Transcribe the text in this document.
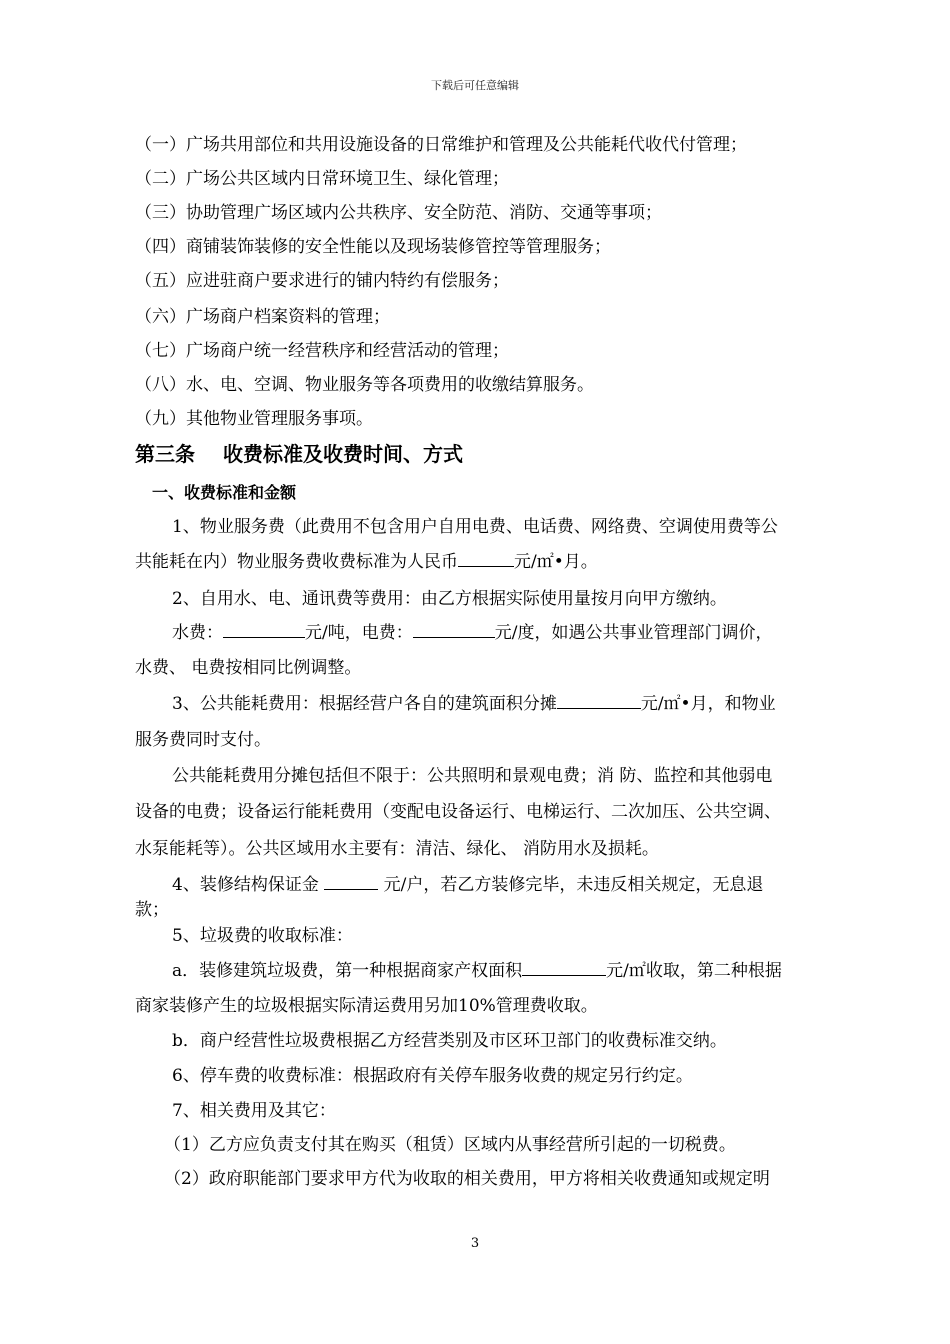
下载后可任意编辑
（一）广场共用部位和共用设施设备的日常维护和管理及公共能耗代收代付管理；
（二）广场公共区域内日常环境卫生、绿化管理；
（三）协助管理广场区域内公共秩序、安全防范、消防、交通等事项；
（四）商铺装饰装修的安全性能以及现场装修管控等管理服务；
（五）应进驻商户要求进行的铺内特约有偿服务；
（六）广场商户档案资料的管理；
（七）广场商户统一经营秩序和经营活动的管理；
（八）水、电、空调、物业服务等各项费用的收缴结算服务。
（九）其他物业管理服务事项。
第三条 收费标准及收费时间、方式
一、收费标准和金额
1、物业服务费（此费用不包含用户自用电费、电话费、网络费、空调使用费等公
共能耗在内）物业服务费收费标准为人民币	元/㎡•月。
2、自用水、电、通讯费等费用：由乙方根据实际使用量按月向甲方缴纳。
水费：	元/吨，电费：	元/度，如遇公共事业管理部门调价，
水费、 电费按相同比例调整。
3、公共能耗费用：根据经营户各自的建筑面积分摊	元/㎡•月，和物业
服务费同时支付。
公共能耗费用分摊包括但不限于：公共照明和景观电费；消 防、监控和其他弱电
设备的电费；设备运行能耗费用（变配电设备运行、电梯运行、二次加压、公共空调、
水泵能耗等）。公共区域用水主要有：清洁、绿化、 消防用水及损耗。
4、装修结构保证金	元/户，若乙方装修完毕，未违反相关规定，无息退
款；
5、垃圾费的收取标准：
a．装修建筑垃圾费，第一种根据商家产权面积	元/㎡收取，第二种根据
商家装修产生的垃圾根据实际清运费用另加10%管理费收取。
b．商户经营性垃圾费根据乙方经营类别及市区环卫部门的收费标准交纳。
6、停车费的收费标准：根据政府有关停车服务收费的规定另行约定。
7、相关费用及其它：
（1）乙方应负责支付其在购买（租赁）区域内从事经营所引起的一切税费。
（2）政府职能部门要求甲方代为收取的相关费用，甲方将相关收费通知或规定明
3
